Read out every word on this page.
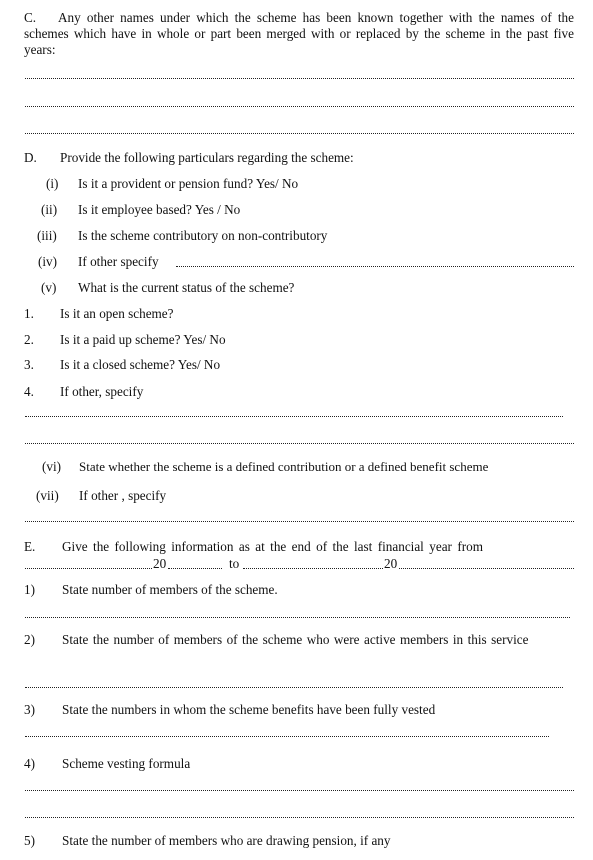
C. Any other names under which the scheme has been known together with the names of the schemes which have in whole or part been merged with or replaced by the scheme in the past five years:
D. Provide the following particulars regarding the scheme:
(i) Is it a provident or pension fund? Yes/ No
(ii) Is it employee based? Yes / No
(iii) Is the scheme contributory on non-contributory
(iv) If other specify
(v) What is the current status of the scheme?
1. Is it an open scheme?
2. Is it a paid up scheme? Yes/ No
3. Is it a closed scheme? Yes/ No
4. If other, specify
(vi) State whether the scheme is a defined contribution or a defined benefit scheme
(vii) If other , specify
E. Give the following information as at the end of the last financial year from
20	to	20
1) State number of members of the scheme.
2) State the number of members of the scheme who were active members in this service
3) State the numbers in whom the scheme benefits have been fully vested
4) Scheme vesting formula
5) State the number of members who are drawing pension, if any
